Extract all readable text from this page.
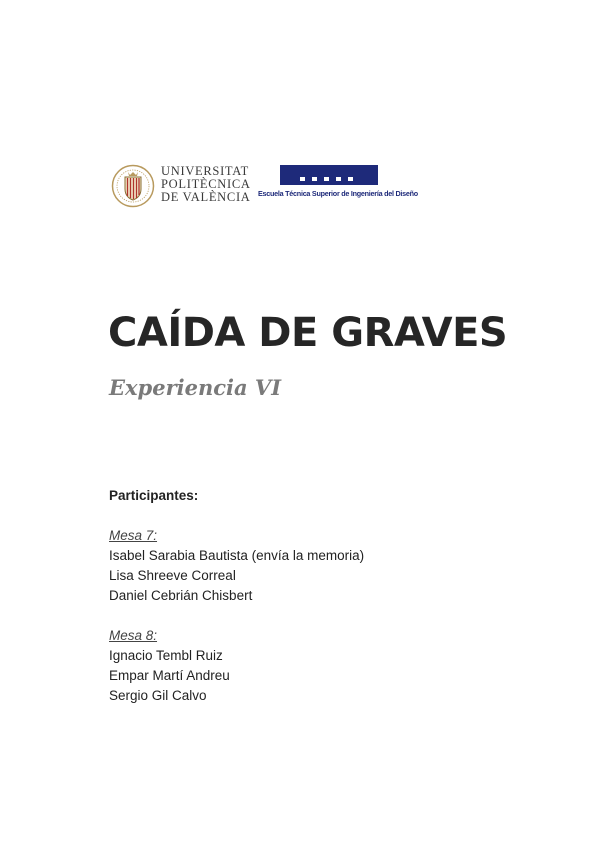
UNIVERSITAT
POLITÈCNICA
DE VALÈNCIA	Escuela Técnica Superior de Ingeniería del Diseño
CAÍDA DE GRAVES
Experiencia VI
Participantes:
Mesa 7:
Isabel Sarabia Bautista (envía la memoria)
Lisa Shreeve Correal
Daniel Cebrián Chisbert
Mesa 8:
Ignacio Tembl Ruiz
Empar Martí Andreu
Sergio Gil Calvo
